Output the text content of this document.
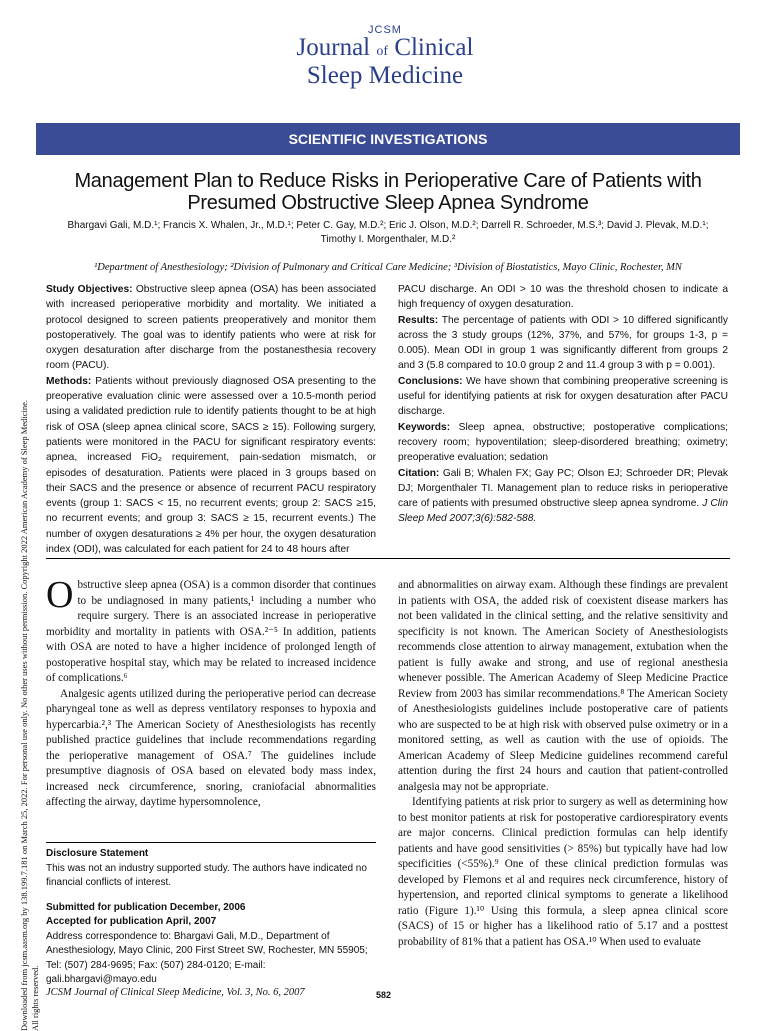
JCSM
Journal of Clinical
Sleep Medicine
SCIENTIFIC INVESTIGATIONS
Management Plan to Reduce Risks in Perioperative Care of Patients with Presumed Obstructive Sleep Apnea Syndrome
Bhargavi Gali, M.D.¹; Francis X. Whalen, Jr., M.D.¹; Peter C. Gay, M.D.²; Eric J. Olson, M.D.²; Darrell R. Schroeder, M.S.³; David J. Plevak, M.D.¹;
Timothy I. Morgenthaler, M.D.²
¹Department of Anesthesiology; ²Division of Pulmonary and Critical Care Medicine; ³Division of Biostatistics, Mayo Clinic, Rochester, MN
Study Objectives: Obstructive sleep apnea (OSA) has been associated with increased perioperative morbidity and mortality. We initiated a protocol designed to screen patients preoperatively and monitor them postoperatively. The goal was to identify patients who were at risk for oxygen desaturation after discharge from the postanesthesia recovery room (PACU).
Methods: Patients without previously diagnosed OSA presenting to the preoperative evaluation clinic were assessed over a 10.5-month period using a validated prediction rule to identify patients thought to be at high risk of OSA (sleep apnea clinical score, SACS ≥ 15). Following surgery, patients were monitored in the PACU for significant respiratory events: apnea, increased FiO₂ requirement, pain-sedation mismatch, or episodes of desaturation. Patients were placed in 3 groups based on their SACS and the presence or absence of recurrent PACU respiratory events (group 1: SACS < 15, no recurrent events; group 2: SACS ≥15, no recurrent events; and group 3: SACS ≥ 15, recurrent events.) The number of oxygen desaturations ≥ 4% per hour, the oxygen desaturation index (ODI), was calculated for each patient for 24 to 48 hours after
PACU discharge. An ODI > 10 was the threshold chosen to indicate a high frequency of oxygen desaturation.
Results: The percentage of patients with ODI > 10 differed significantly across the 3 study groups (12%, 37%, and 57%, for groups 1-3, p = 0.005). Mean ODI in group 1 was significantly different from groups 2 and 3 (5.8 compared to 10.0 group 2 and 11.4 group 3 with p = 0.001).
Conclusions: We have shown that combining preoperative screening is useful for identifying patients at risk for oxygen desaturation after PACU discharge.
Keywords: Sleep apnea, obstructive; postoperative complications; recovery room; hypoventilation; sleep-disordered breathing; oximetry; preoperative evaluation; sedation
Citation: Gali B; Whalen FX; Gay PC; Olson EJ; Schroeder DR; Plevak DJ; Morgenthaler TI. Management plan to reduce risks in perioperative care of patients with presumed obstructive sleep apnea syndrome. J Clin Sleep Med 2007;3(6):582-588.

Obstructive sleep apnea (OSA) is a common disorder that continues to be undiagnosed in many patients,¹ including a number who require surgery. There is an associated increase in perioperative morbidity and mortality in patients with OSA.²⁻⁵ In addition, patients with OSA are noted to have a higher incidence of prolonged length of postoperative hospital stay, which may be related to increased incidence of complications.⁶

Analgesic agents utilized during the perioperative period can decrease pharyngeal tone as well as depress ventilatory responses to hypoxia and hypercarbia.²,³ The American Society of Anesthesiologists has recently published practice guidelines that include recommendations regarding the perioperative management of OSA.⁷ The guidelines include presumptive diagnosis of OSA based on elevated body mass index, increased neck circumference, snoring, craniofacial abnormalities affecting the airway, daytime hypersomnolence,

and abnormalities on airway exam. Although these findings are prevalent in patients with OSA, the added risk of coexistent disease markers has not been validated in the clinical setting, and the relative sensitivity and specificity is not known. The American Society of Anesthesiologists recommends close attention to airway management, extubation when the patient is fully awake and strong, and use of regional anesthesia whenever possible. The American Academy of Sleep Medicine Practice Review from 2003 has similar recommendations.⁸ The American Society of Anesthesiologists guidelines include postoperative care of patients who are suspected to be at high risk with observed pulse oximetry or in a monitored setting, as well as caution with the use of opioids. The American Academy of Sleep Medicine guidelines recommend careful attention during the first 24 hours and caution that patient-controlled analgesia may not be appropriate.

Identifying patients at risk prior to surgery as well as determining how to best monitor patients at risk for postoperative cardiorespiratory events are major concerns. Clinical prediction formulas can help identify patients and have good sensitivities (> 85%) but typically have had low specificities (<55%).⁹ One of these clinical prediction formulas was developed by Flemons et al and requires neck circumference, history of hypertension, and reported clinical symptoms to generate a likelihood ratio (Figure 1).¹⁰ Using this formula, a sleep apnea clinical score (SACS) of 15 or higher has a likelihood ratio of 5.17 and a posttest probability of 81% that a patient has OSA.¹⁰ When used to evaluate

Disclosure Statement

This was not an industry supported study. The authors have indicated no financial conflicts of interest.

Submitted for publication December, 2006

Accepted for publication April, 2007

Address correspondence to: Bhargavi Gali, M.D., Department of Anesthesiology, Mayo Clinic, 200 First Street SW, Rochester, MN 55905; Tel: (507) 284-9695; Fax: (507) 284-0120; E-mail: gali.bhargavi@mayo.edu

JCSM Journal of Clinical Sleep Medicine, Vol. 3, No. 6, 2007	582
Downloaded from jcsm.aasm.org by 138.199.7.181 on March 25, 2022. For personal use only. No other uses without permission. Copyright 2022 American Academy of Sleep Medicine. All rights reserved.
